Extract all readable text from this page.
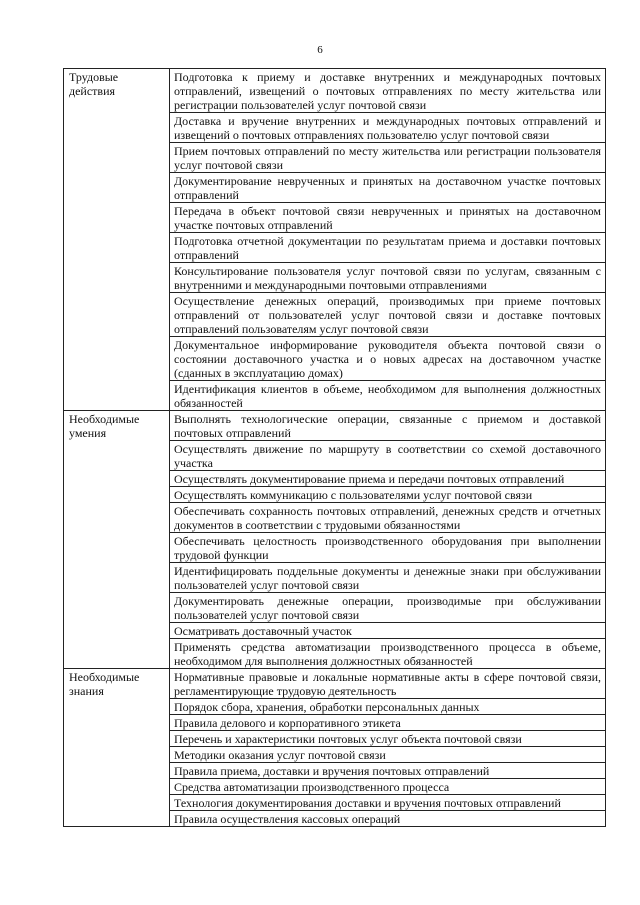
6
Трудовые действия	Подготовка к приему и доставке внутренних и международных почтовых отправлений, извещений о почтовых отправлениях по месту жительства или регистрации пользователей услуг почтовой связи
	Доставка и вручение внутренних и международных почтовых отправлений и извещений о почтовых отправлениях пользователю услуг почтовой связи
	Прием почтовых отправлений по месту жительства или регистрации пользователя услуг почтовой связи
	Документирование неврученных и принятых на доставочном участке почтовых отправлений
	Передача в объект почтовой связи неврученных и принятых на доставочном участке почтовых отправлений
	Подготовка отчетной документации по результатам приема и доставки почтовых отправлений
	Консультирование пользователя услуг почтовой связи по услугам, связанным с внутренними и международными почтовыми отправлениями
	Осуществление денежных операций, производимых при приеме почтовых отправлений от пользователей услуг почтовой связи и доставке почтовых отправлений пользователям услуг почтовой связи
	Документальное информирование руководителя объекта почтовой связи о состоянии доставочного участка и о новых адресах на доставочном участке (сданных в эксплуатацию домах)
	Идентификация клиентов в объеме, необходимом для выполнения должностных обязанностей
Необходимые умения	Выполнять технологические операции, связанные с приемом и доставкой почтовых отправлений
	Осуществлять движение по маршруту в соответствии со схемой доставочного участка
	Осуществлять документирование приема и передачи почтовых отправлений
	Осуществлять коммуникацию с пользователями услуг почтовой связи
	Обеспечивать сохранность почтовых отправлений, денежных средств и отчетных документов в соответствии с трудовыми обязанностями
	Обеспечивать целостность производственного оборудования при выполнении трудовой функции
	Идентифицировать поддельные документы и денежные знаки при обслуживании пользователей услуг почтовой связи
	Документировать денежные операции, производимые при обслуживании пользователей услуг почтовой связи
	Осматривать доставочный участок
	Применять средства автоматизации производственного процесса в объеме, необходимом для выполнения должностных обязанностей
Необходимые знания	Нормативные правовые и локальные нормативные акты в сфере почтовой связи, регламентирующие трудовую деятельность
	Порядок сбора, хранения, обработки персональных данных
	Правила делового и корпоративного этикета
	Перечень и характеристики почтовых услуг объекта почтовой связи
	Методики оказания услуг почтовой связи
	Правила приема, доставки и вручения почтовых отправлений
	Средства автоматизации производственного процесса
	Технология документирования доставки и вручения почтовых отправлений
	Правила осуществления кассовых операций
